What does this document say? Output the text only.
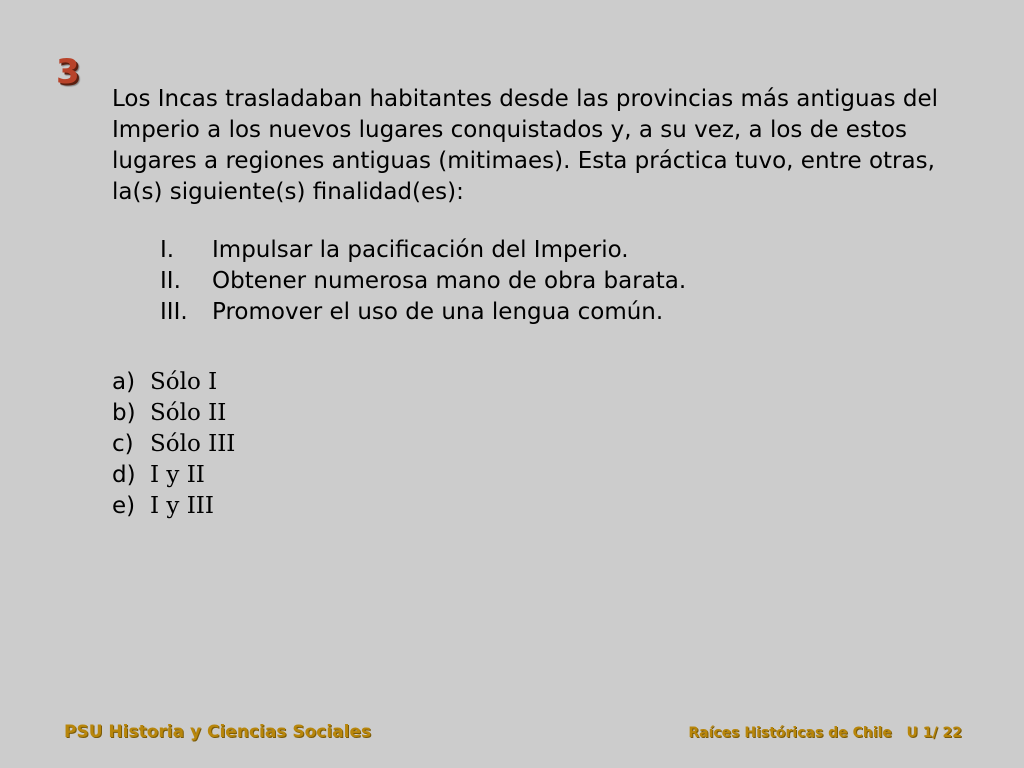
3

Los Incas trasladaban habitantes desde las provincias más antiguas del Imperio a los nuevos lugares conquistados y, a su vez, a los de estos lugares a regiones antiguas (mitimaes). Esta práctica tuvo, entre otras, la(s) siguiente(s) finalidad(es):

I.	Impulsar la pacificación del Imperio.
II.	Obtener numerosa mano de obra barata.
III.	Promover el uso de una lengua común.
a) Sólo I
b) Sólo II
c) Sólo III
d) I y II
e) I y III
PSU Historia y Ciencias Sociales	Raíces Históricas de Chile   U 1/ 22
